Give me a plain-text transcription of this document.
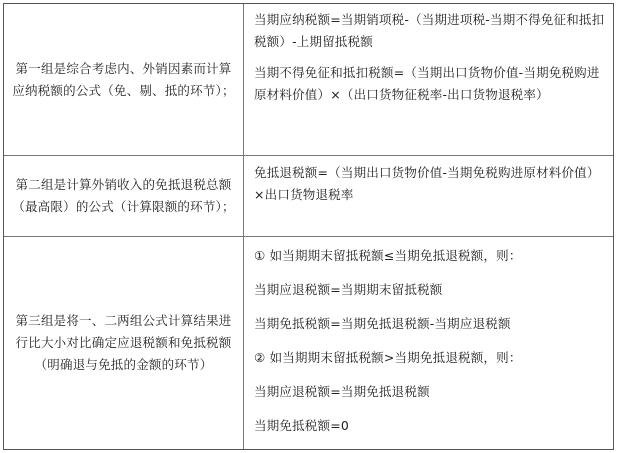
第一组是综合考虑内、外销因素而计算应纳税额的公式（免、剔、抵的环节）；

当期应纳税额=当期销项税-（当期进项税-当期不得免征和抵扣税额）-上期留抵税额

当期不得免征和抵扣税额=（当期出口货物价值-当期免税购进原材料价值）×（出口货物征税率-出口货物退税率）

第二组是计算外销收入的免抵退税总额（最高限）的公式（计算限额的环节）；

免抵退税额=（当期出口货物价值-当期免税购进原材料价值）×出口货物退税率

第三组是将一、二两组公式计算结果进行比大小对比确定应退税额和免抵税额（明确退与免抵的金额的环节）

① 如当期期末留抵税额≤当期免抵退税额，则：

当期应退税额=当期期末留抵税额

当期免抵税额=当期免抵退税额-当期应退税额

② 如当期期末留抵税额>当期免抵退税额，则：

当期应退税额=当期免抵退税额

当期免抵税额=0
